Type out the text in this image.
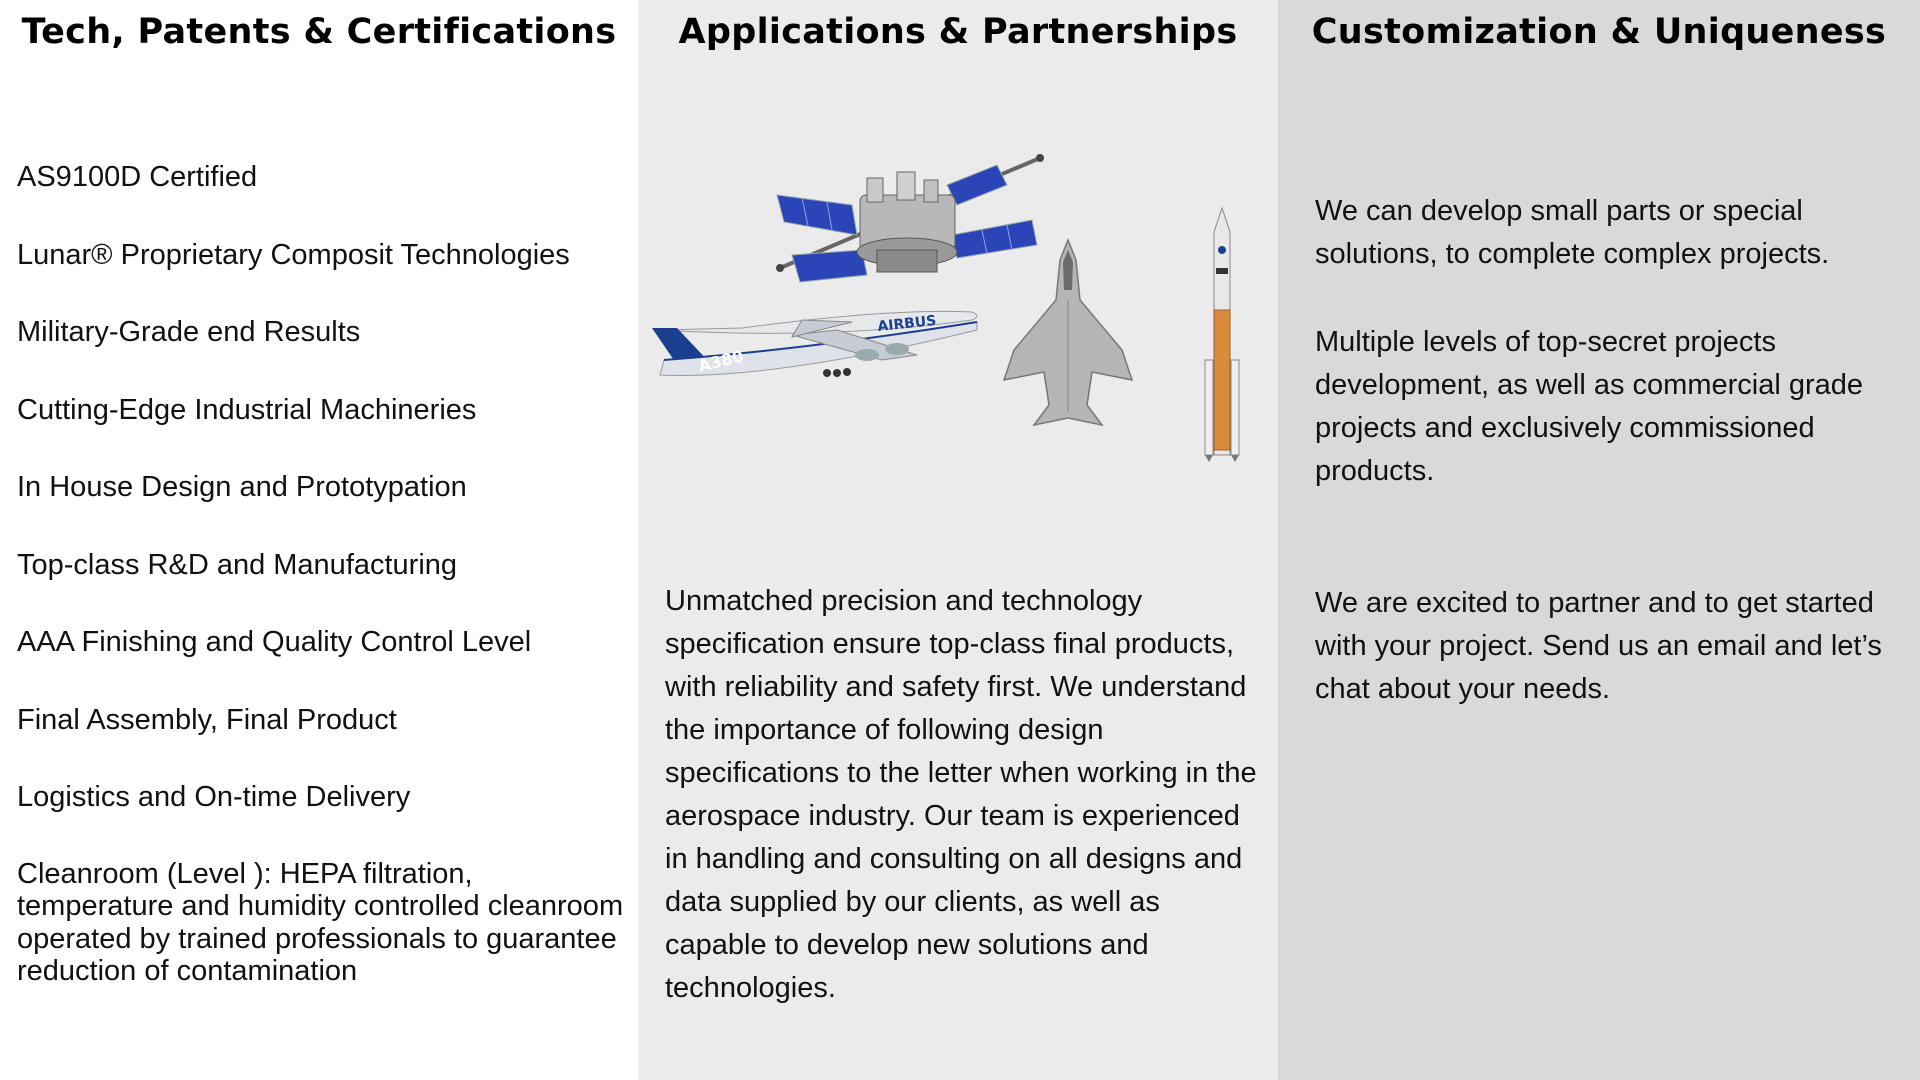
Tech, Patents & Certifications
AS9100D Certified
Lunar® Proprietary Composit Technologies
Military-Grade end Results
Cutting-Edge Industrial Machineries
In House Design and Prototypation
Top-class R&D and Manufacturing
AAA Finishing and Quality Control Level
Final Assembly, Final Product
Logistics and On-time Delivery
Cleanroom (Level ): HEPA filtration, temperature and humidity controlled cleanroom operated by trained professionals to guarantee reduction of contamination
Applications & Partnerships
A380
AIRBUS

Unmatched precision and technology specification ensure top-class final products, with reliability and safety first. We understand the importance of following design specifications to the letter when working in the aerospace industry. Our team is experienced in handling and consulting on all designs and data supplied by our clients, as well as capable to develop new solutions and technologies.

Customization & Uniqueness

We can develop small parts or special solutions, to complete complex projects.

Multiple levels of top-secret projects development, as well as commercial grade projects and exclusively commissioned products.

We are excited to partner and to get started with your project. Send us an email and let’s chat about your needs.
